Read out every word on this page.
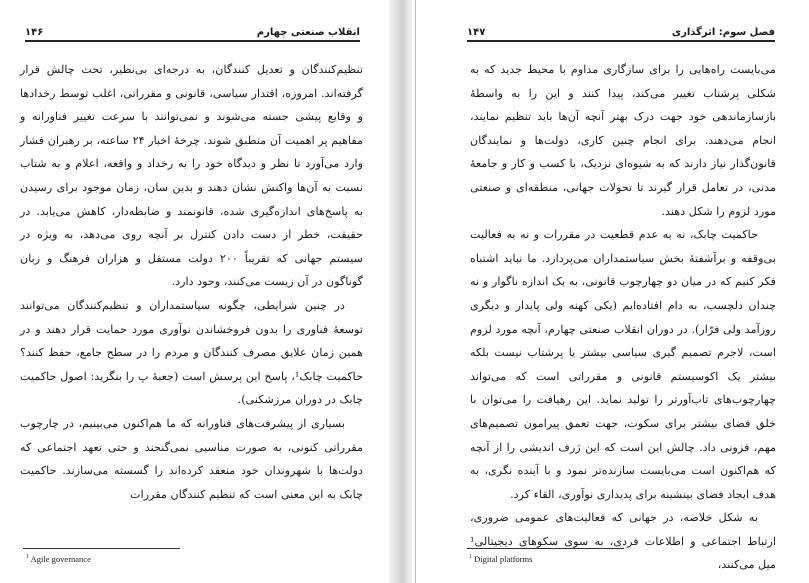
انقلاب صنعتی چهارم
۱۴۶

تنظیم‌کنندگان و تعدیل کنندگان، به درجه‌ای بی‌نظیر، تحت چالش قرار گرفته‌اند. امروزه، اقتدار سیاسی، قانونی و مقرراتی، اغلب توسط رخدادها و وقایع پیشی جسته می‌شوند و نمی‌توانند با سرعت تغییر فناورانه و مفاهیم پر اهمیت آن منطبق شوند. چرخهٔ اخبار ۲۴ ساعته، بر رهبران فشار وارد می‌آورد تا نظر و دیدگاه خود را به رخداد و واقعه، اعلام و به شتاب نسبت به آن‌ها واکنش نشان دهند و بدین سان، زمان موجود برای رسیدن به پاسخ‌های اندازه‌گیری شده، قانونمند و ضابطه‌دار، کاهش می‌یابد. در حقیقت، خطر از دست دادن کنترل بر آنچه روی می‌دهد، به ویژه در سیستم جهانی که تقریباً ۲۰۰ دولت مستقل و هزاران فرهنگ و زبان گوناگون در آن زیست می‌کنند، وجود دارد.

در چنین شرایطی، چگونه سیاستمداران و تنظیم‌کنندگان می‌توانند توسعهٔ فناوری را بدون فروخشاندن نوآوری مورد حمایت قرار دهند و در همین زمان علایق مصرف کنندگان و مردم را در سطح جامع، حفظ کنند؟ حاکمیت چابک¹، پاسخ این پرسش است (جعبهٔ پ را بنگرید: اصول حاکمیت چابک در دوران مرزشکنی).

بسیاری از پیشرفت‌های فناورانه که ما هم‌اکنون می‌بینیم، در چارچوب مقرراتی کنونی، به صورت مناسبی نمی‌گنجند و حتی تعهد اجتماعی که دولت‌ها با شهروندان خود منعقد کرده‌اند را گسسته می‌سازند. حاکمیت چابک به این معنی است که تنظیم کنندگان مقررات

$^1$ Agile governance
فصل سوم: اثرگذاری
۱۴۷

می‌بایست راه‌هایی را برای سازگاری مداوم با محیط جدید که به شکلی پرشتاب تغییر می‌کند، پیدا کنند و این را به واسطهٔ بازسازماندهی خود جهت درک بهتر آنچه آن‌ها باید تنظیم نمایند، انجام می‌دهند. برای انجام چنین کاری، دولت‌ها و نمایندگان قانون‌گذار نیاز دارند که به شیوه‌ای نزدیک، با کسب و کار و جامعهٔ مدنی، در تعامل قرار گیرند تا تحولات جهانی، منطقه‌ای و صنعتی مورد لزوم را شکل دهند.

حاکمیت چابک، نه به عدم قطعیت در مقررات و نه به فعالیت بی‌وقفه و برآشفتهٔ بخش سیاستمداران می‌پردازد. ما نباید اشتباه فکر کنیم که در میان دو چهارچوب قانونی، به یک اندازه ناگوار و نه چندان دلچسب، به دام افتاده‌ایم (یکی کهنه ولی پایدار و دیگری روزآمد ولی فرّار). در دوران انقلاب صنعتی چهارم، آنچه مورد لزوم است، لاجرم تصمیم گیری سیاسی بیشتر یا پرشتاب نیست بلکه بیشتر یک اکوسیستم قانونی و مقرراتی است که می‌تواند چهارچوب‌های تاب‌آورتر را تولید نماید. این رهیافت را می‌توان با خلق فضای بیشتر برای سکوت، جهت تعمق پیرامون تصمیم‌های مهم، فزونی داد. چالش این است که این ژرف اندیشی را از آنچه که هم‌اکنون است می‌بایست سازنده‌تر نمود و با آینده نگری، به هدف ایجاد فضای بینشینه برای پدیداری نوآوری، القاء کرد.

به شکل خلاصه، در جهانی که فعالیت‌های عمومی ضروری، ارتباط اجتماعی و اطلاعات فردی، به سوی سکوهای دیجیتالی¹ میل می‌کنند،

$^1$ Digital platforms
